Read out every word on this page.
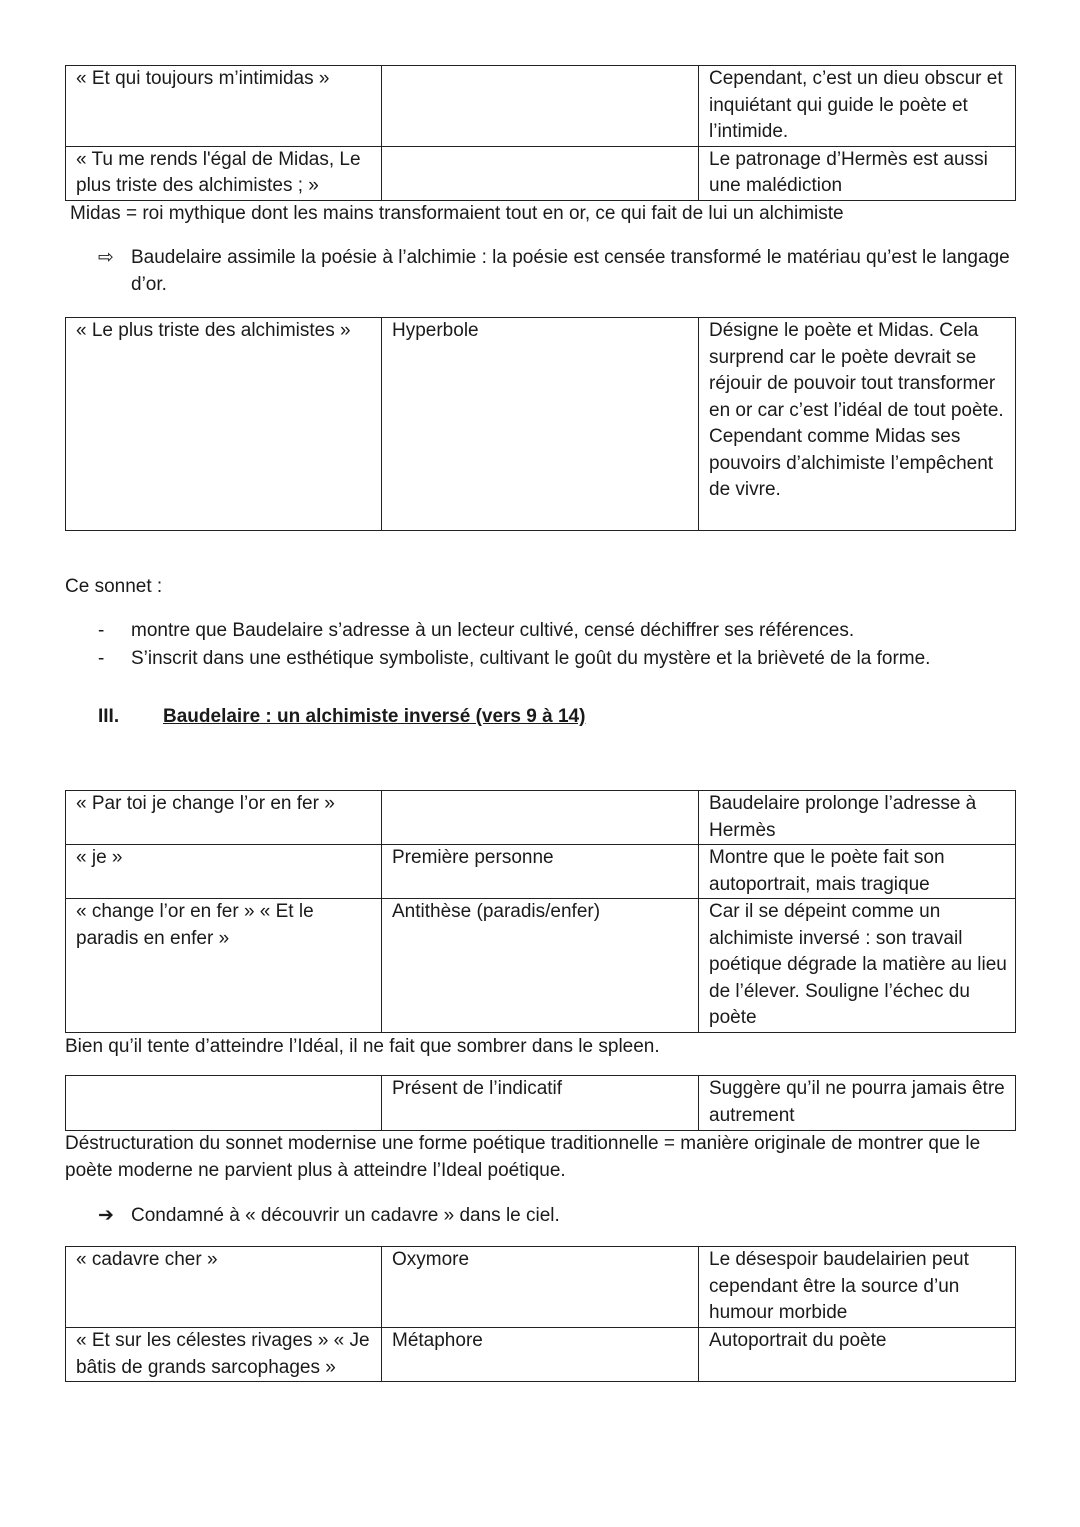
« Et qui toujours m’intimidas »		Cependant, c’est un dieu obscur et inquiétant qui guide le poète et l’intimide.
« Tu me rends l'égal de Midas, Le plus triste des alchimistes ; »		Le patronage d’Hermès est aussi une malédiction
Midas = roi mythique dont les mains transformaient tout en or, ce qui fait de lui un alchimiste
⇨ Baudelaire assimile la poésie à l’alchimie : la poésie est censée transformé le matériau qu’est le langage d’or.
« Le plus triste des alchimistes »	Hyperbole	Désigne le poète et Midas. Cela surprend car le poète devrait se réjouir de pouvoir tout transformer en or car c’est l’idéal de tout poète. Cependant comme Midas ses pouvoirs d’alchimiste l’empêchent de vivre.
Ce sonnet :
- montre que Baudelaire s’adresse à un lecteur cultivé, censé déchiffrer ses références.
- S’inscrit dans une esthétique symboliste, cultivant le goût du mystère et la brièveté de la forme.
III. Baudelaire : un alchimiste inversé (vers 9 à 14)
« Par toi je change l’or en fer »		Baudelaire prolonge l’adresse à Hermès
« je »	Première personne	Montre que le poète fait son autoportrait, mais tragique
« change l’or en fer » « Et le paradis en enfer »	Antithèse (paradis/enfer)	Car il se dépeint comme un alchimiste inversé : son travail poétique dégrade la matière au lieu de l’élever. Souligne l’échec du poète
Bien qu’il tente d’atteindre l’Idéal, il ne fait que sombrer dans le spleen.
	Présent de l’indicatif	Suggère qu’il ne pourra jamais être autrement
Déstructuration du sonnet modernise une forme poétique traditionnelle = manière originale de montrer que le poète moderne ne parvient plus à atteindre l’Ideal poétique.
➔ Condamné à « découvrir un cadavre » dans le ciel.
« cadavre cher »	Oxymore	Le désespoir baudelairien peut cependant être la source d’un humour morbide
« Et sur les célestes rivages » « Je bâtis de grands sarcophages »	Métaphore	Autoportrait du poète
